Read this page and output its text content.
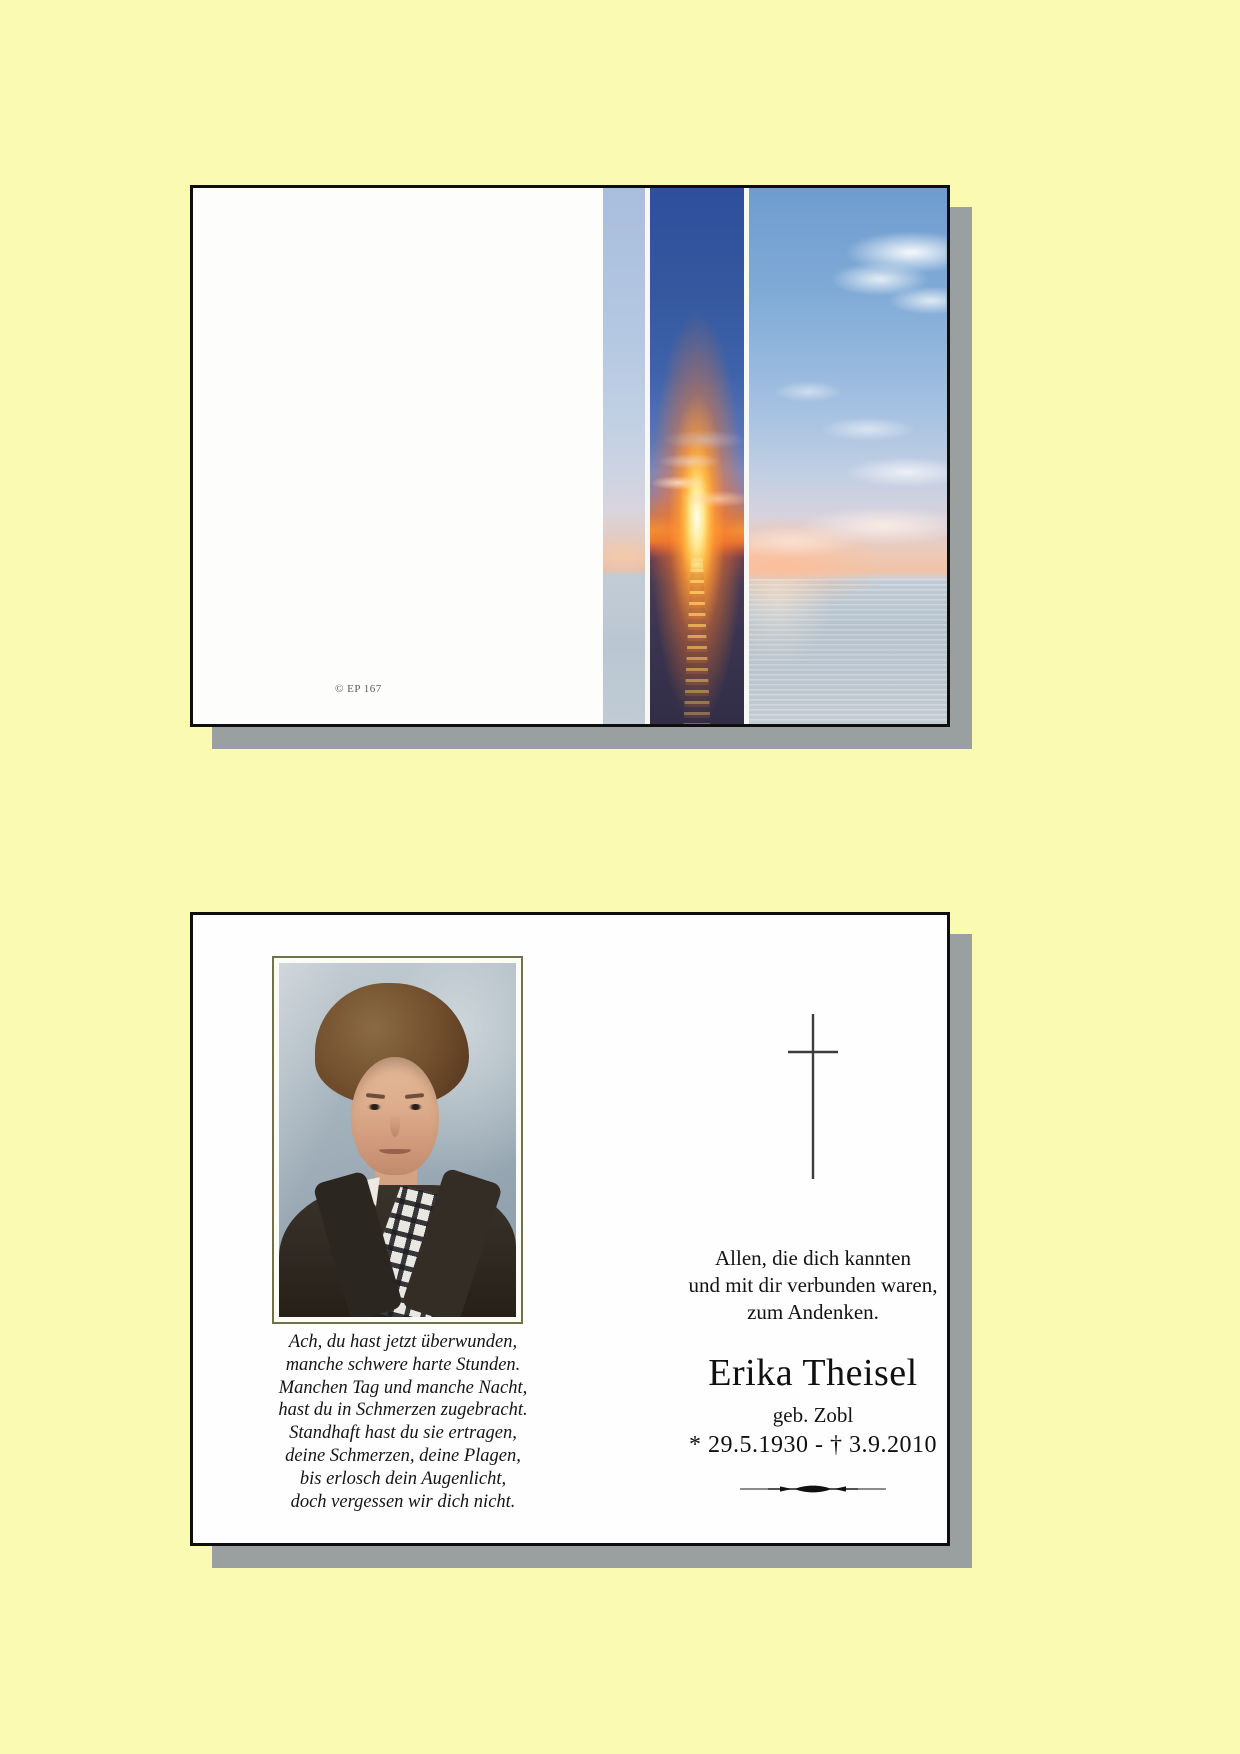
© EP 167
Ach, du hast jetzt überwunden,
manche schwere harte Stunden.
Manchen Tag und manche Nacht,
hast du in Schmerzen zugebracht.
Standhaft hast du sie ertragen,
deine Schmerzen, deine Plagen,
bis erlosch dein Augenlicht,
doch vergessen wir dich nicht.
Allen, die dich kannten
und mit dir verbunden waren,
zum Andenken.
Erika Theisel
geb. Zobl
* 29.5.1930 - † 3.9.2010
